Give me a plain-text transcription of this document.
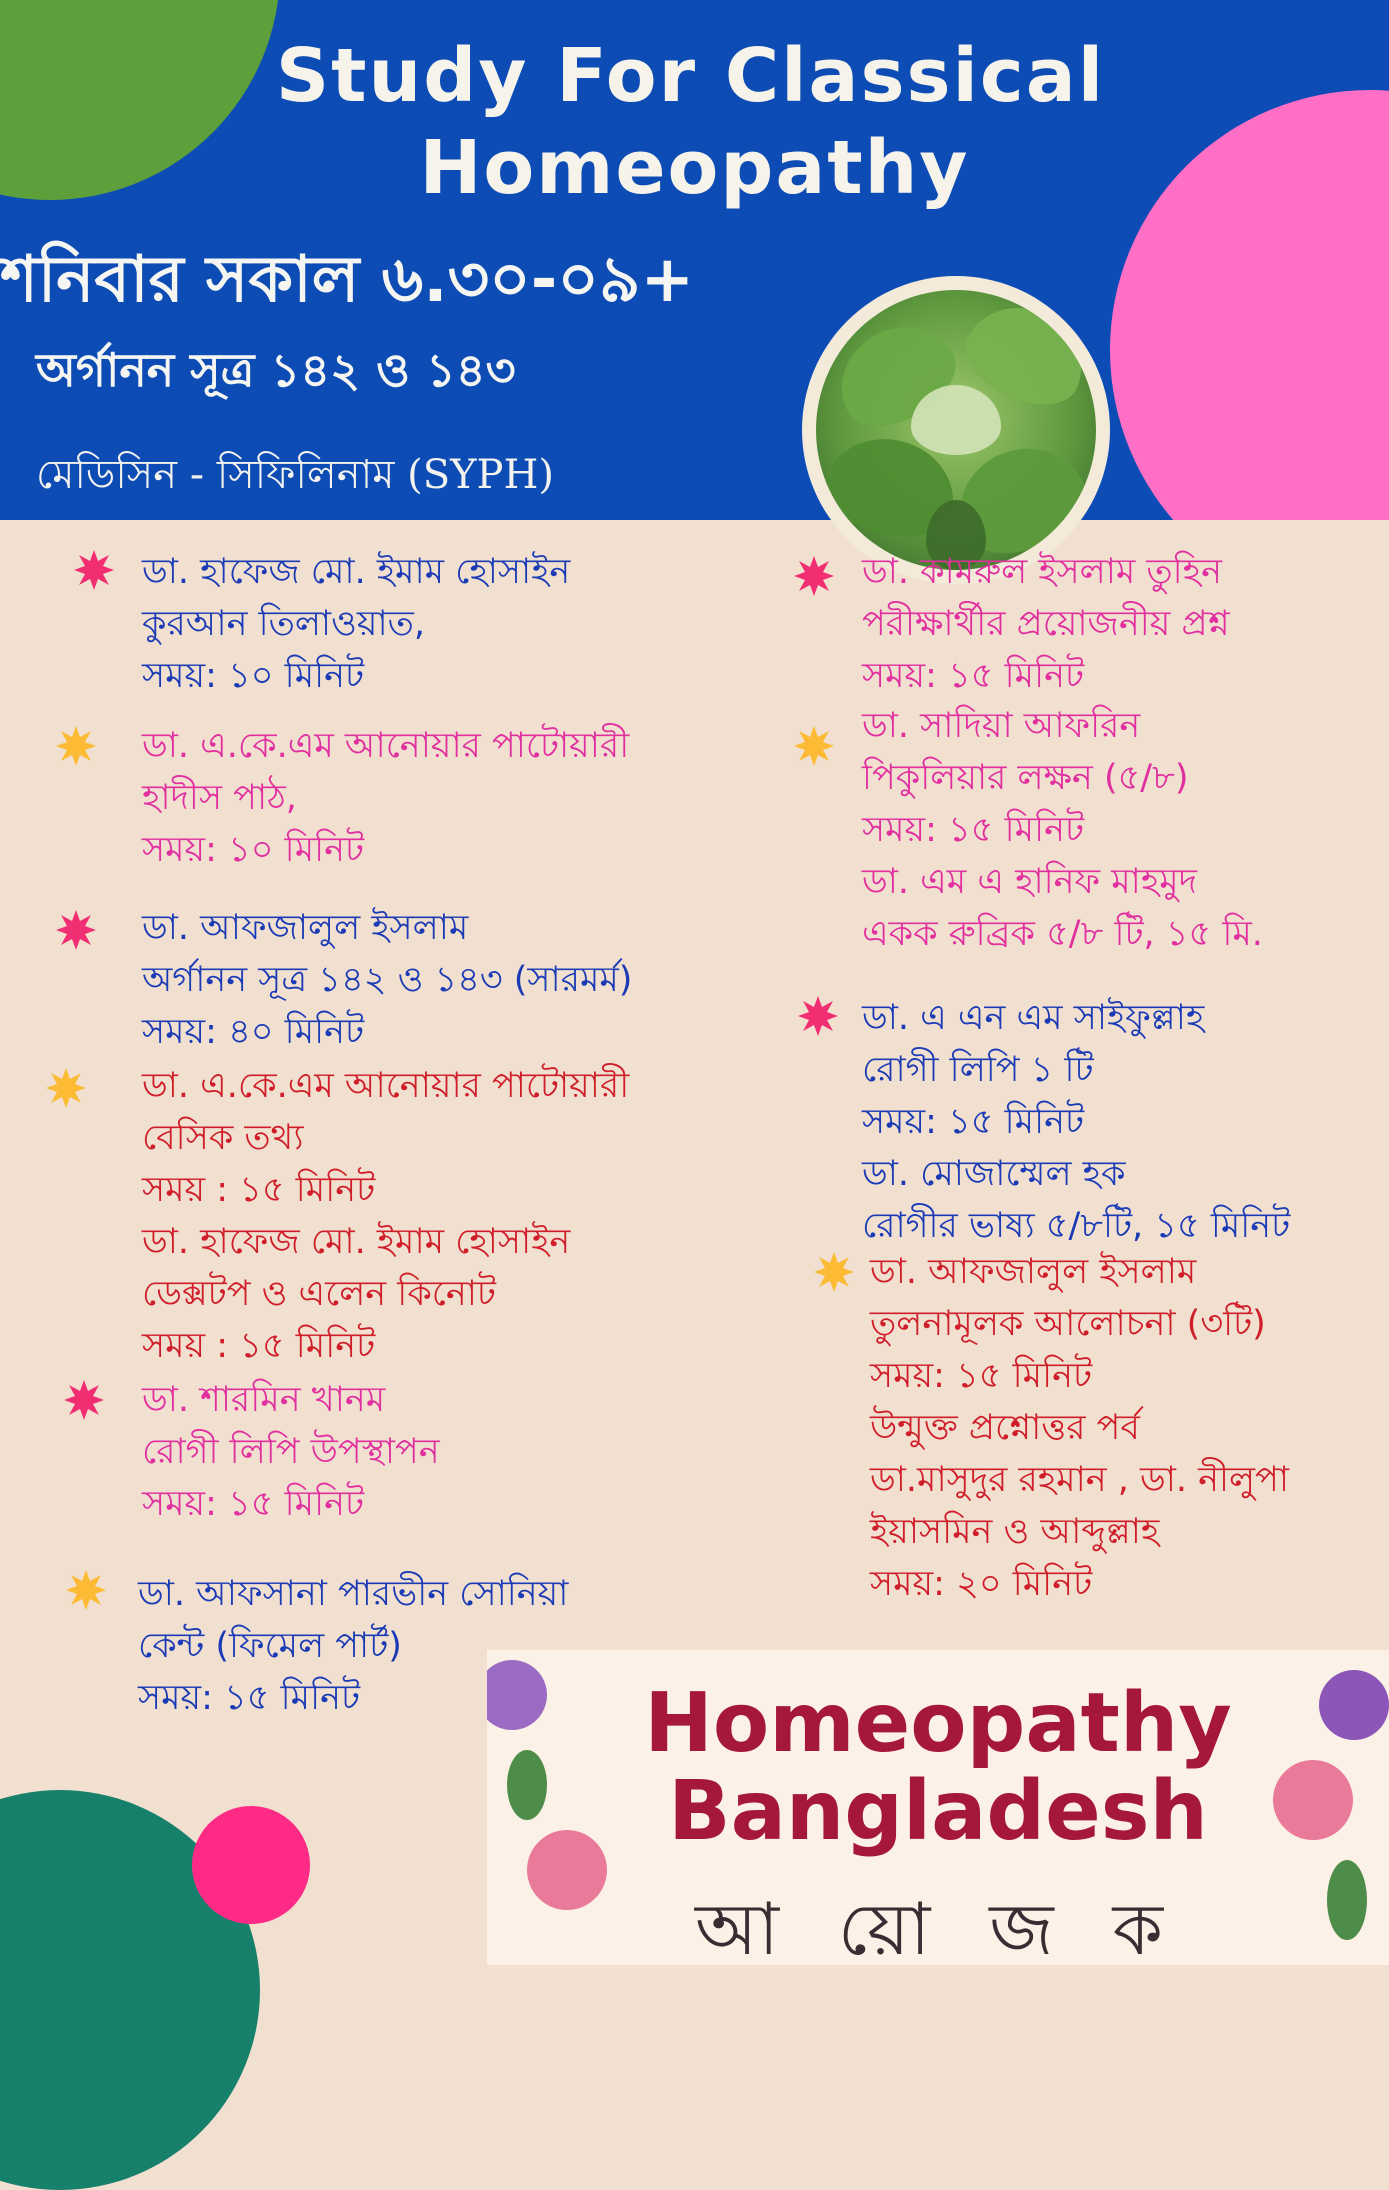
Study For Classical
Homeopathy
শনিবার সকাল ৬.৩০-০৯+
অর্গানন সূত্র ১৪২ ও ১৪৩
মেডিসিন - সিফিলিনাম (SYPH)
ডা. হাফেজ মো. ইমাম হোসাইন
কুরআন তিলাওয়াত,
সময়: ১০ মিনিট
ডা. এ.কে.এম আনোয়ার পাটোয়ারী
হাদীস পাঠ,
সময়: ১০ মিনিট
ডা. আফজালুল ইসলাম
অর্গানন সূত্র ১৪২ ও ১৪৩ (সারমর্ম)
সময়: ৪০ মিনিট
ডা. এ.কে.এম আনোয়ার পাটোয়ারী
বেসিক তথ্য
সময় : ১৫ মিনিট
ডা. হাফেজ মো. ইমাম হোসাইন
ডেক্সটপ ও এলেন কিনোট
সময় : ১৫ মিনিট
ডা. শারমিন খানম
রোগী লিপি উপস্থাপন
সময়: ১৫ মিনিট
ডা. আফসানা পারভীন সোনিয়া
কেন্ট (ফিমেল পার্ট)
সময়: ১৫ মিনিট
ডা. কামরুল ইসলাম তুহিন
পরীক্ষার্থীর প্রয়োজনীয় প্রশ্ন
সময়: ১৫ মিনিট
ডা. সাদিয়া আফরিন
পিকুলিয়ার লক্ষন (৫/৮)
সময়: ১৫ মিনিট
ডা. এম এ হানিফ মাহমুদ
একক রুব্রিক ৫/৮ টি, ১৫ মি.
ডা. এ এন এম সাইফুল্লাহ
রোগী লিপি ১ টি
সময়: ১৫ মিনিট
ডা. মোজাম্মেল হক
রোগীর ভাষ্য ৫/৮টি, ১৫ মিনিট
ডা. আফজালুল ইসলাম
তুলনামূলক আলোচনা (৩টি)
সময়: ১৫ মিনিট
উন্মুক্ত প্রশ্নোত্তর পর্ব
ডা.মাসুদুর রহমান , ডা. নীলুপা
ইয়াসমিন ও আব্দুল্লাহ
সময়: ২০ মিনিট
Homeopathy
Bangladesh
আ য়ো জ ক
